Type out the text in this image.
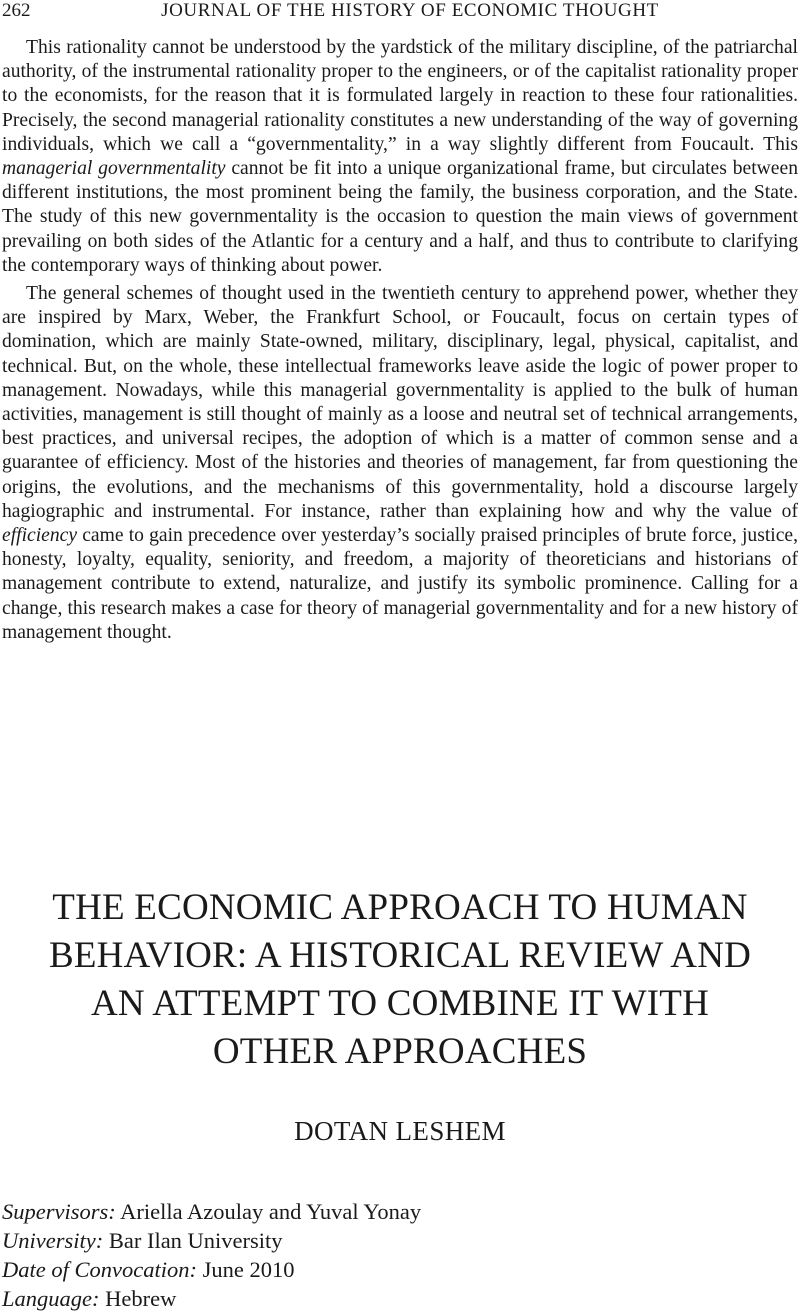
262	JOURNAL OF THE HISTORY OF ECONOMIC THOUGHT

This rationality cannot be understood by the yardstick of the military discipline, of the patriarchal authority, of the instrumental rationality proper to the engineers, or of the capitalist rationality proper to the economists, for the reason that it is formulated largely in reaction to these four rationalities. Precisely, the second managerial rationality constitutes a new understanding of the way of governing individuals, which we call a “governmentality,” in a way slightly different from Foucault. This managerial governmentality cannot be fit into a unique organizational frame, but circulates between different institutions, the most prominent being the family, the business corporation, and the State. The study of this new governmentality is the occasion to question the main views of government prevailing on both sides of the Atlantic for a century and a half, and thus to contribute to clarifying the contemporary ways of thinking about power.

The general schemes of thought used in the twentieth century to apprehend power, whether they are inspired by Marx, Weber, the Frankfurt School, or Foucault, focus on certain types of domination, which are mainly State-owned, military, disciplinary, legal, physical, capitalist, and technical. But, on the whole, these intellectual frameworks leave aside the logic of power proper to management. Nowadays, while this managerial governmentality is applied to the bulk of human activities, management is still thought of mainly as a loose and neutral set of technical arrangements, best practices, and universal recipes, the adoption of which is a matter of common sense and a guarantee of efficiency. Most of the histories and theories of management, far from questioning the origins, the evolutions, and the mechanisms of this governmentality, hold a discourse largely hagiographic and instrumental. For instance, rather than explaining how and why the value of efficiency came to gain precedence over yesterday’s socially praised principles of brute force, justice, honesty, loyalty, equality, seniority, and freedom, a majority of theoreticians and historians of management contribute to extend, naturalize, and justify its symbolic prominence. Calling for a change, this research makes a case for theory of managerial governmentality and for a new history of management thought.

THE ECONOMIC APPROACH TO HUMAN
BEHAVIOR: A HISTORICAL REVIEW AND
AN ATTEMPT TO COMBINE IT WITH
OTHER APPROACHES
DOTAN LESHEM
Supervisors: Ariella Azoulay and Yuval Yonay
University: Bar Ilan University
Date of Convocation: June 2010
Language: Hebrew
